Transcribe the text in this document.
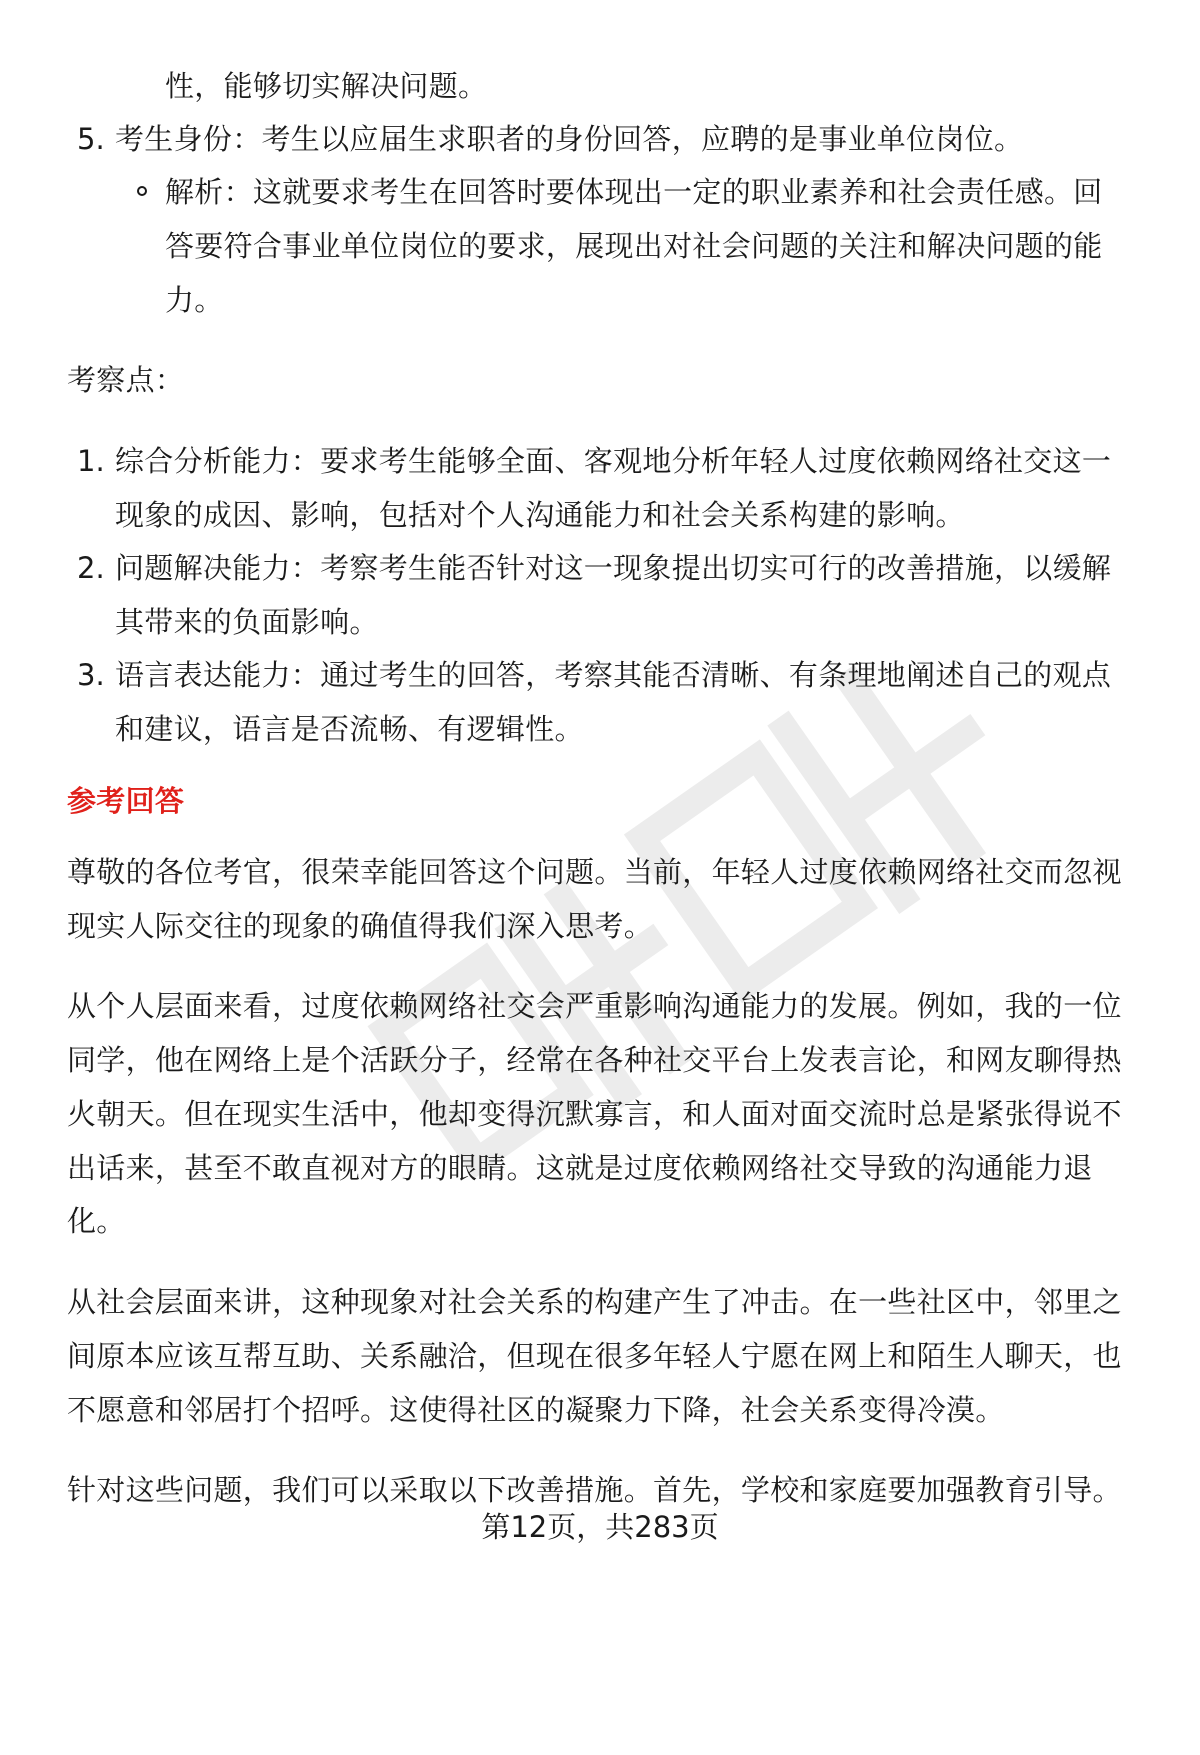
性，能够切实解决问题。
5. 考生身份：考生以应届生求职者的身份回答，应聘的是事业单位岗位。
解析：这就要求考生在回答时要体现出一定的职业素养和社会责任感。回
答要符合事业单位岗位的要求，展现出对社会问题的关注和解决问题的能
力。
考察点：
1. 综合分析能力：要求考生能够全面、客观地分析年轻人过度依赖网络社交这一
现象的成因、影响，包括对个人沟通能力和社会关系构建的影响。
2. 问题解决能力：考察考生能否针对这一现象提出切实可行的改善措施，以缓解
其带来的负面影响。
3. 语言表达能力：通过考生的回答，考察其能否清晰、有条理地阐述自己的观点
和建议，语言是否流畅、有逻辑性。
参考回答
尊敬的各位考官，很荣幸能回答这个问题。当前，年轻人过度依赖网络社交而忽视
现实人际交往的现象的确值得我们深入思考。
从个人层面来看，过度依赖网络社交会严重影响沟通能力的发展。例如，我的一位
同学，他在网络上是个活跃分子，经常在各种社交平台上发表言论，和网友聊得热
火朝天。但在现实生活中，他却变得沉默寡言，和人面对面交流时总是紧张得说不
出话来，甚至不敢直视对方的眼睛。这就是过度依赖网络社交导致的沟通能力退
化。
从社会层面来讲，这种现象对社会关系的构建产生了冲击。在一些社区中，邻里之
间原本应该互帮互助、关系融洽，但现在很多年轻人宁愿在网上和陌生人聊天，也
不愿意和邻居打个招呼。这使得社区的凝聚力下降，社会关系变得冷漠。
针对这些问题，我们可以采取以下改善措施。首先，学校和家庭要加强教育引导。
第12页，共283页
